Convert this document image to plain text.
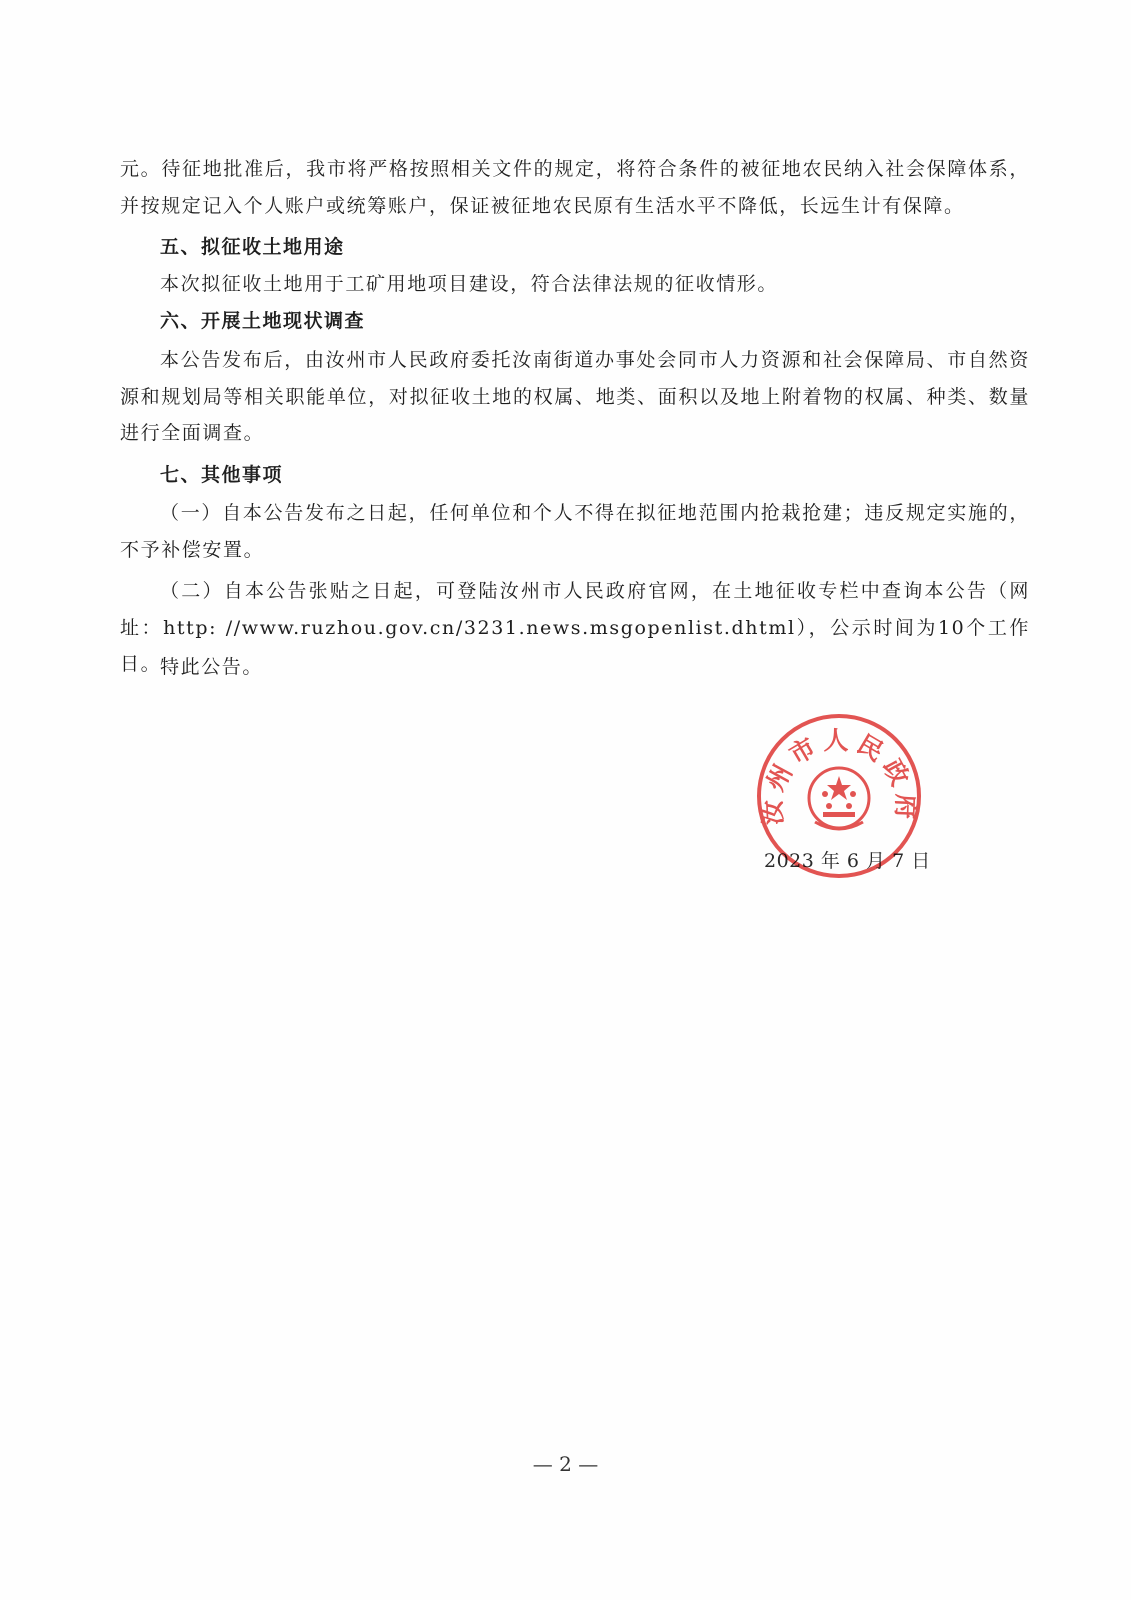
元。待征地批准后，我市将严格按照相关文件的规定，将符合条件的被征地农民纳入社会保障体系，并按规定记入个人账户或统筹账户，保证被征地农民原有生活水平不降低，长远生计有保障。

五、拟征收土地用途

本次拟征收土地用于工矿用地项目建设，符合法律法规的征收情形。

六、开展土地现状调查

本公告发布后，由汝州市人民政府委托汝南街道办事处会同市人力资源和社会保障局、市自然资源和规划局等相关职能单位，对拟征收土地的权属、地类、面积以及地上附着物的权属、种类、数量进行全面调查。

七、其他事项

（一）自本公告发布之日起，任何单位和个人不得在拟征地范围内抢栽抢建；违反规定实施的，不予补偿安置。

（二）自本公告张贴之日起，可登陆汝州市人民政府官网，在土地征收专栏中查询本公告（网址：http: //www.ruzhou.gov.cn/3231.news.msgopenlist.dhtml），公示时间为10个工作日。

特此公告。
2023 年 6 月 7 日
汝州市人民政府
— 2 —
